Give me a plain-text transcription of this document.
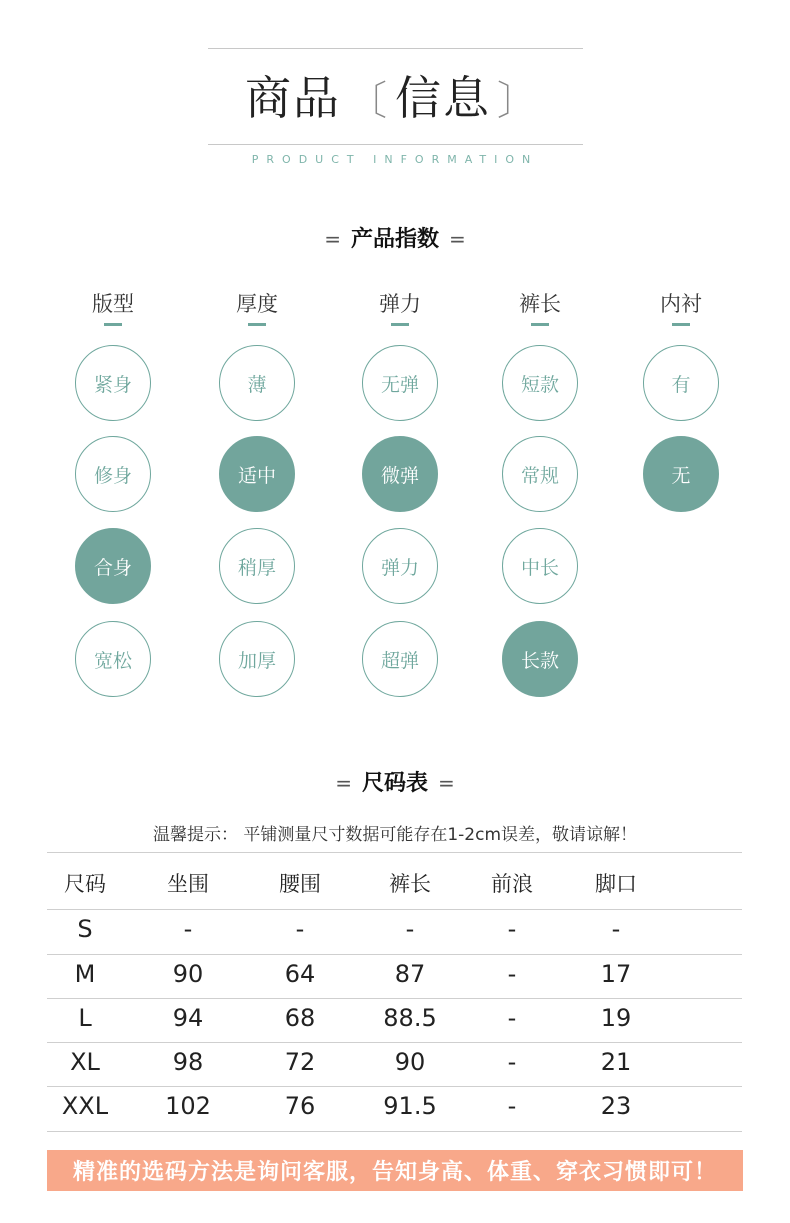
商品 〔 信息 〕
PRODUCT INFORMATION
= 产品指数 =
版型
紧身
修身
合身
宽松
厚度
薄
适中
稍厚
加厚
弹力
无弹
微弹
弹力
超弹
裤长
短款
常规
中长
长款
内衬
有
无
= 尺码表 =
温馨提示： 平铺测量尺寸数据可能存在1-2cm误差，敬请谅解！
尺码	坐围	腰围	裤长	前浪	脚口
S	-	-	-	-	-
M	90	64	87	-	17
L	94	68	88.5	-	19
XL	98	72	90	-	21
XXL	102	76	91.5	-	23
精准的选码方法是询问客服，告知身高、体重、穿衣习惯即可！
